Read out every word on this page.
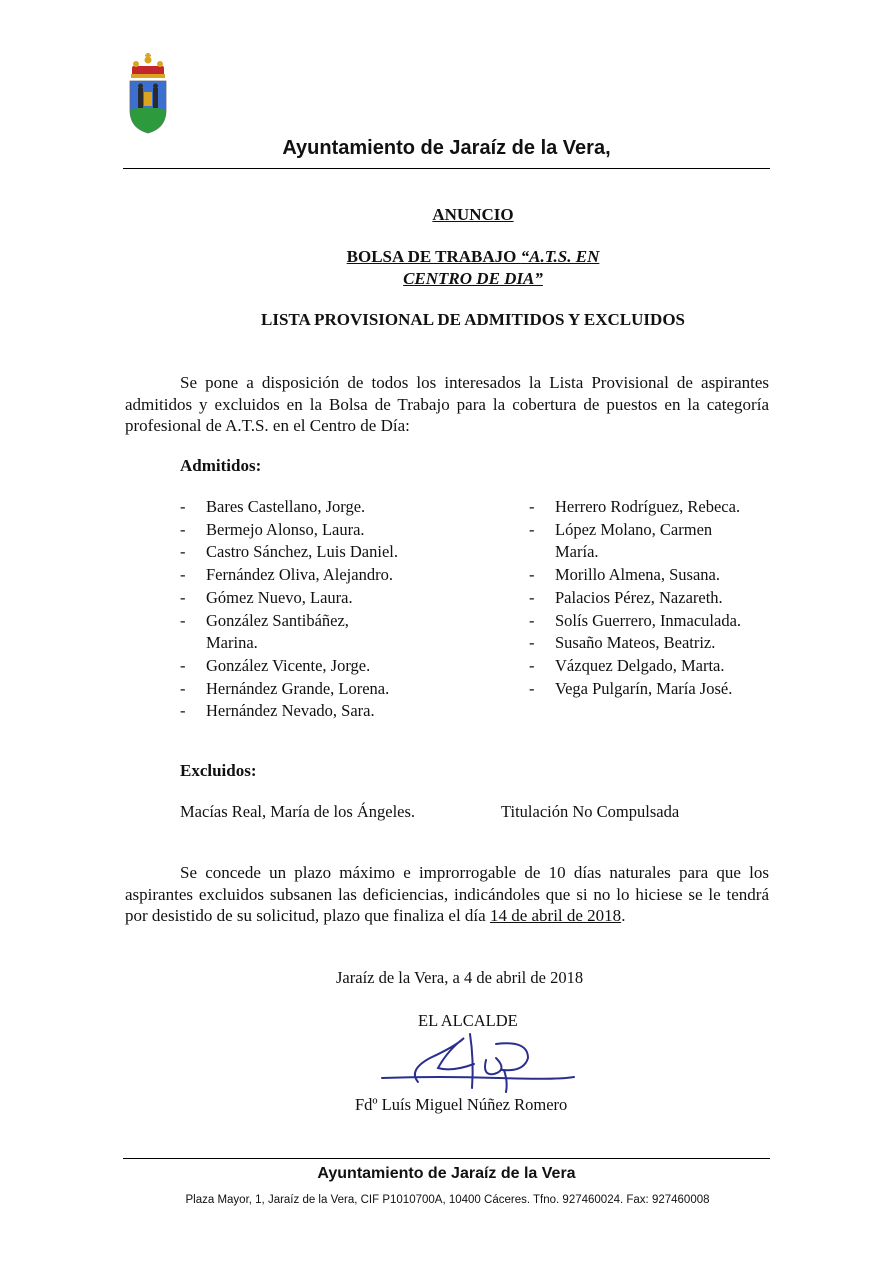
Ayuntamiento de Jaraíz de la Vera,
ANUNCIO
BOLSA DE TRABAJO “A.T.S. EN
CENTRO DE DIA”
LISTA PROVISIONAL DE ADMITIDOS Y EXCLUIDOS
Se pone a disposición de todos los interesados la Lista Provisional de aspirantes admitidos y excluidos en la Bolsa de Trabajo para la cobertura de puestos en la categoría profesional de A.T.S. en el Centro de Día:
Admitidos:
- Bares Castellano, Jorge.
- Bermejo Alonso, Laura.
- Castro Sánchez, Luis Daniel.
- Fernández Oliva, Alejandro.
- Gómez Nuevo, Laura.
- González Santibáñez, Marina.
- González Vicente, Jorge.
- Hernández Grande, Lorena.
- Hernández Nevado, Sara.
- Herrero Rodríguez, Rebeca.
- López Molano, Carmen María.
- Morillo Almena, Susana.
- Palacios Pérez, Nazareth.
- Solís Guerrero, Inmaculada.
- Susaño Mateos, Beatriz.
- Vázquez Delgado, Marta.
- Vega Pulgarín, María José.
Excluidos:
Macías Real, María de los Ángeles.	Titulación No Compulsada
Se concede un plazo máximo e improrrogable de 10 días naturales para que los aspirantes excluidos subsanen las deficiencias, indicándoles que si no lo hiciese se le tendrá por desistido de su solicitud, plazo que finaliza el día 14 de abril de 2018.
Jaraíz de la Vera, a 4 de abril de 2018
EL ALCALDE
Fdº Luís Miguel Núñez Romero
Ayuntamiento de Jaraíz de la Vera
Plaza Mayor, 1, Jaraíz de la Vera, CIF P1010700A, 10400 Cáceres. Tfno. 927460024. Fax: 927460008
